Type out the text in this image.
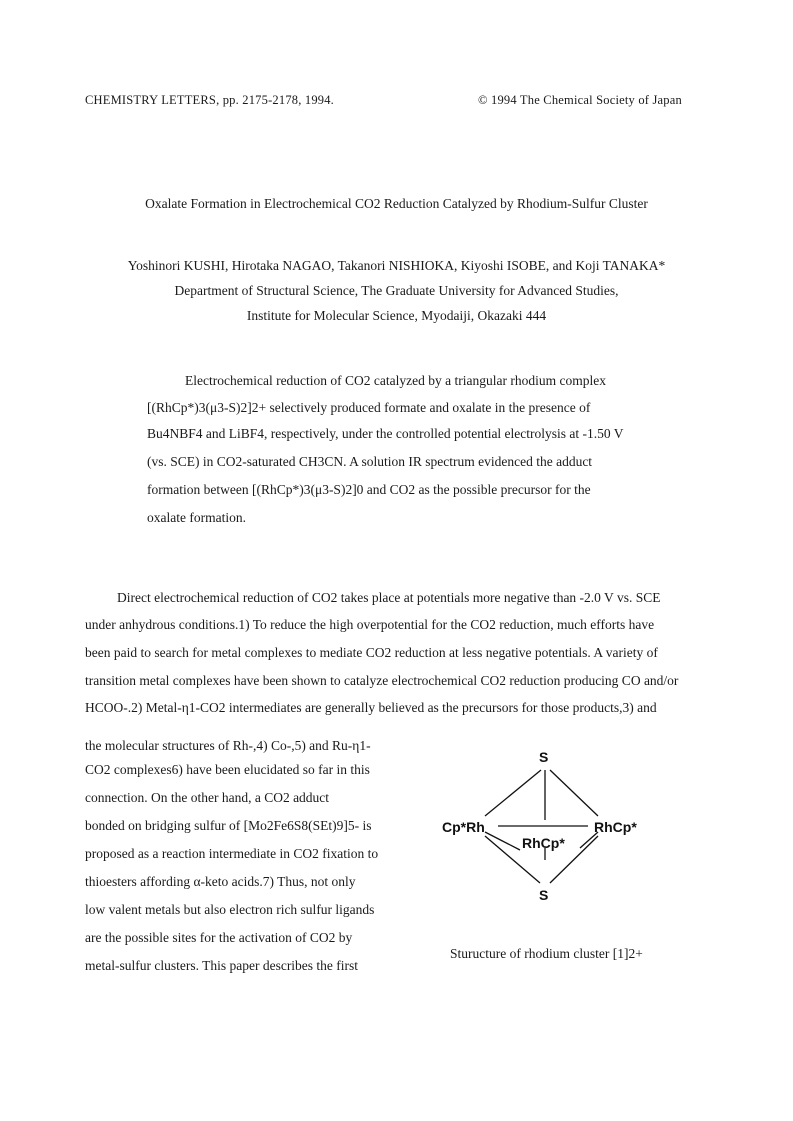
CHEMISTRY LETTERS, pp. 2175-2178, 1994.	© 1994 The Chemical Society of Japan
Oxalate Formation in Electrochemical CO2 Reduction Catalyzed by Rhodium-Sulfur Cluster
Yoshinori KUSHI, Hirotaka NAGAO, Takanori NISHIOKA, Kiyoshi ISOBE, and Koji TANAKA*
Department of Structural Science, The Graduate University for Advanced Studies,
Institute for Molecular Science, Myodaiji, Okazaki 444
Electrochemical reduction of CO2 catalyzed by a triangular rhodium complex
[(RhCp*)3(μ3-S)2]2+ selectively produced formate and oxalate in the presence of
Bu4NBF4 and LiBF4, respectively, under the controlled potential electrolysis at -1.50 V
(vs. SCE) in CO2-saturated CH3CN. A solution IR spectrum evidenced the adduct
formation between [(RhCp*)3(μ3-S)2]0 and CO2 as the possible precursor for the
oxalate formation.
Direct electrochemical reduction of CO2 takes place at potentials more negative than -2.0 V vs. SCE
under anhydrous conditions.1) To reduce the high overpotential for the CO2 reduction, much efforts have
been paid to search for metal complexes to mediate CO2 reduction at less negative potentials. A variety of
transition metal complexes have been shown to catalyze electrochemical CO2 reduction producing CO and/or
HCOO-.2) Metal-η1-CO2 intermediates are generally believed as the precursors for those products,3) and
the molecular structures of Rh-,4) Co-,5) and Ru-η1-
CO2 complexes6) have been elucidated so far in this
connection. On the other hand, a CO2 adduct
bonded on bridging sulfur of [Mo2Fe6S8(SEt)9]5- is
proposed as a reaction intermediate in CO2 fixation to
thioesters affording α-keto acids.7) Thus, not only
low valent metals but also electron rich sulfur ligands
are the possible sites for the activation of CO2 by
metal-sulfur clusters. This paper describes the first
S
S
Cp*Rh	RhCp*
RhCp*
Sturucture of rhodium cluster [1]2+
